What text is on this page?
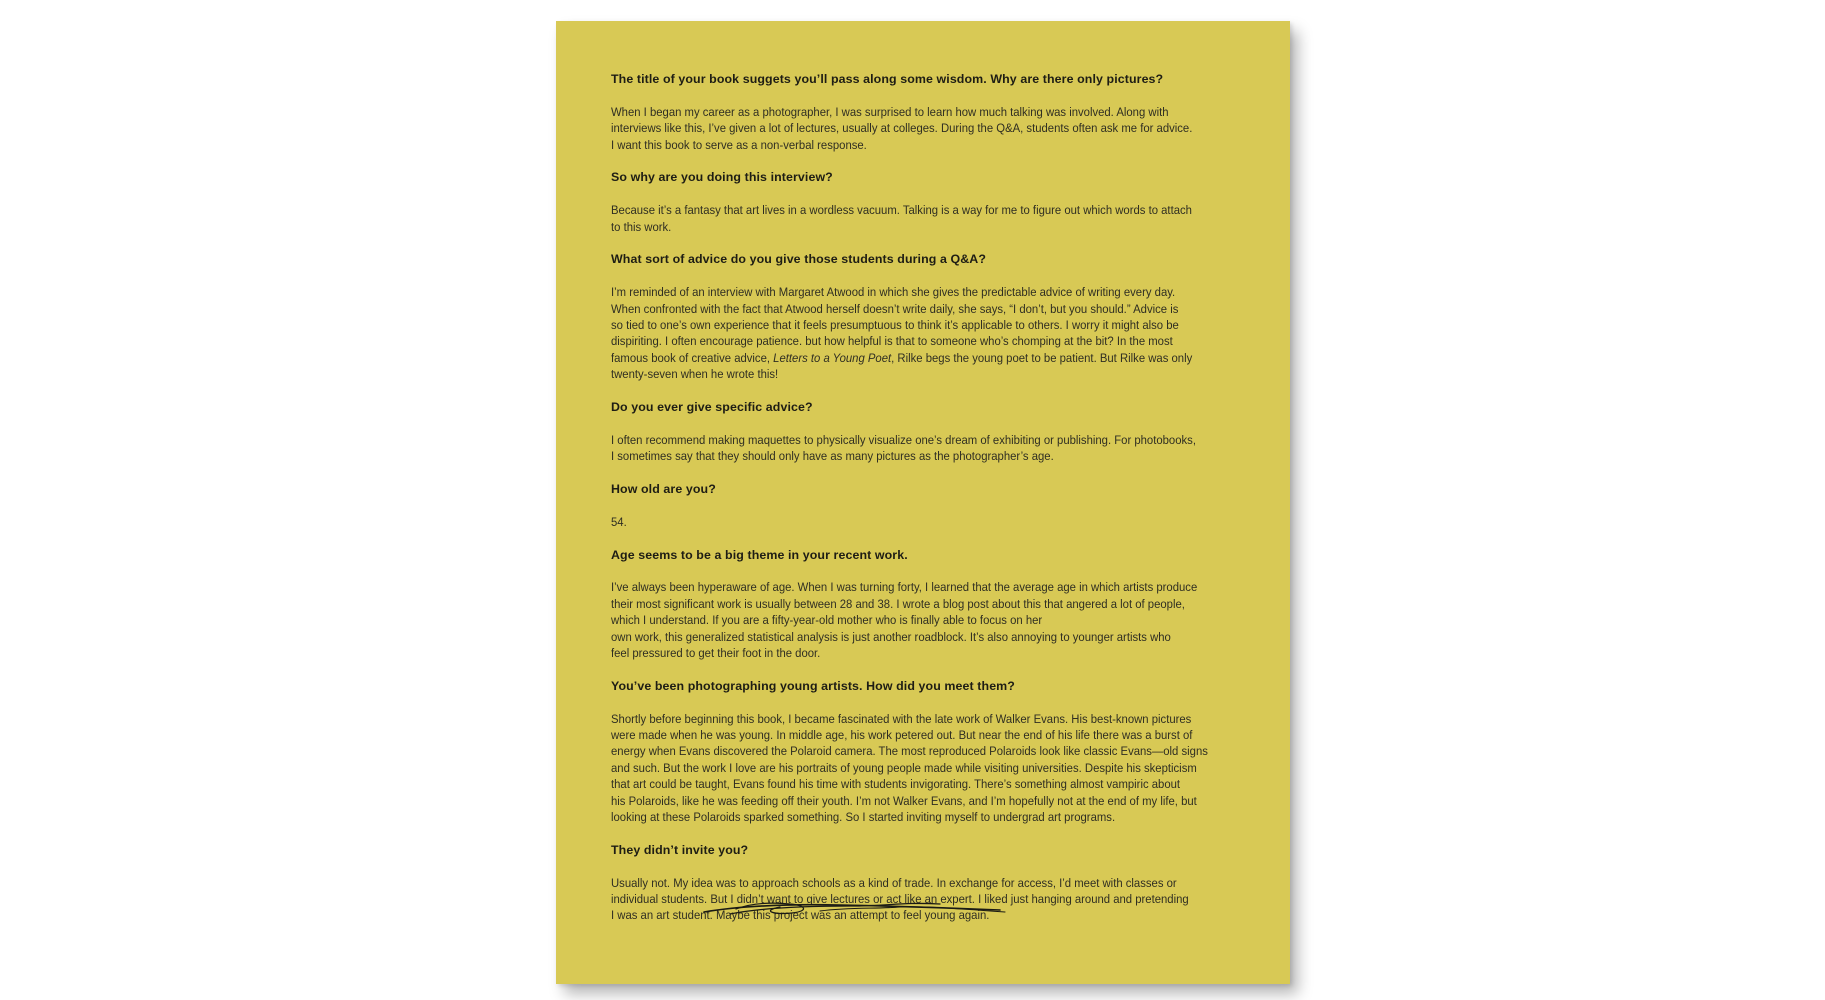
The title of your book suggets you’ll pass along some wisdom. Why are there only pictures?
When I began my career as a photographer, I was surprised to learn how much talking was involved. Along with
interviews like this, I’ve given a lot of lectures, usually at colleges. During the Q&A, students often ask me for advice.
I want this book to serve as a non-verbal response.
So why are you doing this interview?
Because it’s a fantasy that art lives in a wordless vacuum. Talking is a way for me to figure out which words to attach
to this work.
What sort of advice do you give those students during a Q&A?
I’m reminded of an interview with Margaret Atwood in which she gives the predictable advice of writing every day.
When confronted with the fact that Atwood herself doesn’t write daily, she says, “I don’t, but you should.” Advice is
so tied to one’s own experience that it feels presumptuous to think it’s applicable to others. I worry it might also be
dispiriting. I often encourage patience. but how helpful is that to someone who’s chomping at the bit? In the most
famous book of creative advice, Letters to a Young Poet, Rilke begs the young poet to be patient. But Rilke was only
twenty-seven when he wrote this!
Do you ever give specific advice?
I often recommend making maquettes to physically visualize one’s dream of exhibiting or publishing. For photobooks,
I sometimes say that they should only have as many pictures as the photographer’s age.
How old are you?
54.
Age seems to be a big theme in your recent work.
I’ve always been hyperaware of age. When I was turning forty, I learned that the average age in which artists produce
their most significant work is usually between 28 and 38. I wrote a blog post about this that angered a lot of people,
which I understand. If you are a fifty-year-old mother who is finally able to focus on her
own work, this generalized statistical analysis is just another roadblock. It’s also annoying to younger artists who
feel pressured to get their foot in the door.
You’ve been photographing young artists. How did you meet them?
Shortly before beginning this book, I became fascinated with the late work of Walker Evans. His best-known pictures
were made when he was young. In middle age, his work petered out. But near the end of his life there was a burst of
energy when Evans discovered the Polaroid camera. The most reproduced Polaroids look like classic Evans—old signs
and such. But the work I love are his portraits of young people made while visiting universities. Despite his skepticism
that art could be taught, Evans found his time with students invigorating. There’s something almost vampiric about
his Polaroids, like he was feeding off their youth. I’m not Walker Evans, and I’m hopefully not at the end of my life, but
looking at these Polaroids sparked something. So I started inviting myself to undergrad art programs.
They didn’t invite you?
Usually not. My idea was to approach schools as a kind of trade. In exchange for access, I’d meet with classes or
individual students. But I didn’t want to give lectures or act like an expert. I liked just hanging around and pretending
I was an art student. Maybe this project was an attempt to feel young again.
